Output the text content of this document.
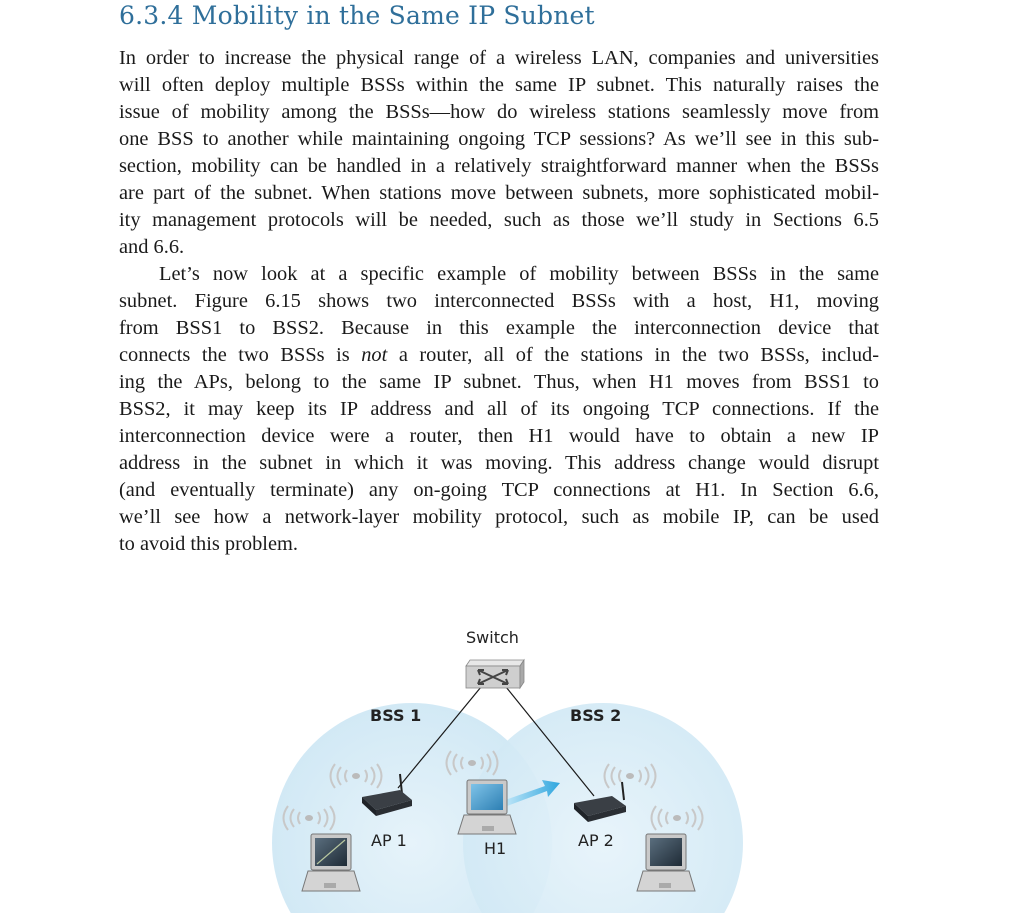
6.3.4 Mobility in the Same IP Subnet
In order to increase the physical range of a wireless LAN, companies and universities
will often deploy multiple BSSs within the same IP subnet. This naturally raises the
issue of mobility among the BSSs—how do wireless stations seamlessly move from
one BSS to another while maintaining ongoing TCP sessions? As we’ll see in this sub-
section, mobility can be handled in a relatively straightforward manner when the BSSs
are part of the subnet. When stations move between subnets, more sophisticated mobil-
ity management protocols will be needed, such as those we’ll study in Sections 6.5
and 6.6.
Let’s now look at a specific example of mobility between BSSs in the same
subnet. Figure 6.15 shows two interconnected BSSs with a host, H1, moving
from BSS1 to BSS2. Because in this example the interconnection device that
connects the two BSSs is not a router, all of the stations in the two BSSs, includ-
ing the APs, belong to the same IP subnet. Thus, when H1 moves from BSS1 to
BSS2, it may keep its IP address and all of its ongoing TCP connections. If the
interconnection device were a router, then H1 would have to obtain a new IP
address in the subnet in which it was moving. This address change would disrupt
(and eventually terminate) any on-going TCP connections at H1. In Section 6.6,
we’ll see how a network-layer mobility protocol, such as mobile IP, can be used
to avoid this problem.
Switch
BSS 1	BSS 2
AP 1	AP 2
H1
